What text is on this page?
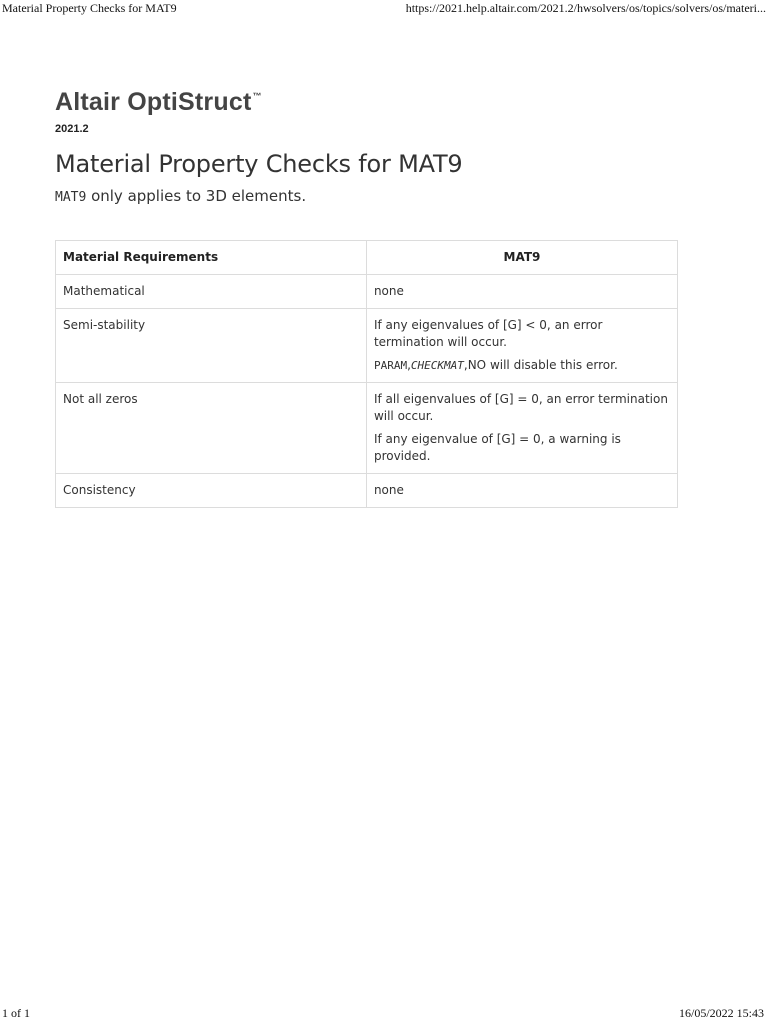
Material Property Checks for MAT9	https://2021.help.altair.com/2021.2/hwsolvers/os/topics/solvers/os/materi...
Altair OptiStruct™
2021.2
Material Property Checks for MAT9
MAT9 only applies to 3D elements.
Material Requirements	MAT9
Mathematical	none

Semi-stability	If any eigenvalues of [G] < 0, an error termination will occur.

PARAM,CHECKMAT,NO will disable this error.

Not all zeros	If all eigenvalues of [G] = 0, an error termination will occur.

If any eigenvalue of [G] = 0, a warning is provided.

Consistency	none

1 of 1	16/05/2022 15:43
